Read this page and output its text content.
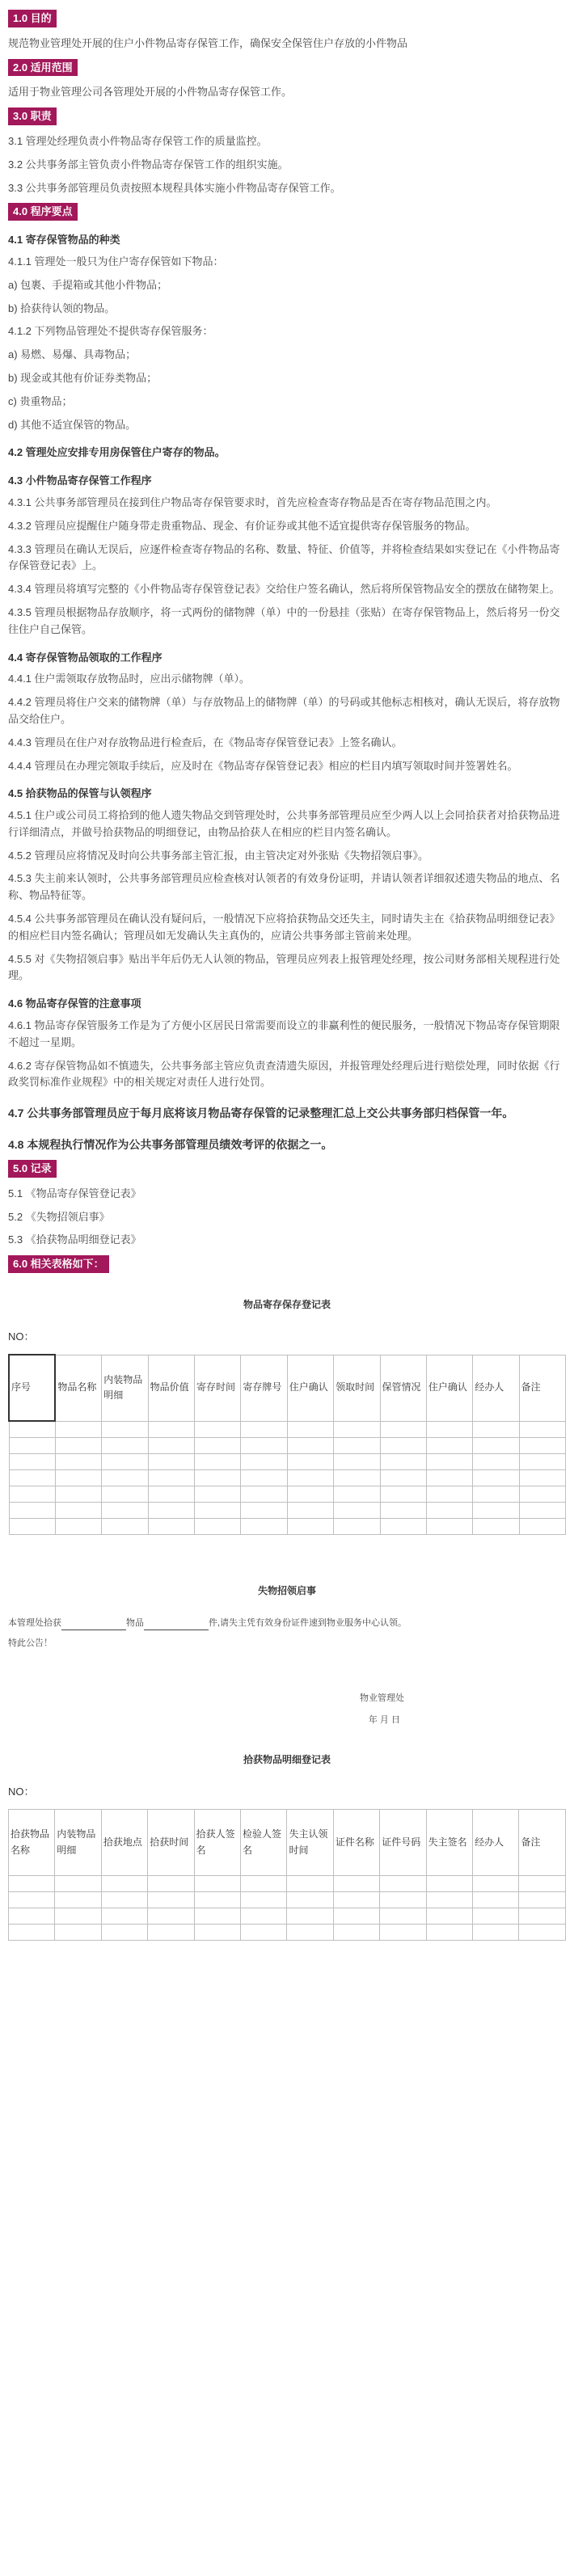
1.0 目的

规范物业管理处开展的住户小件物品寄存保管工作，确保安全保管住户存放的小件物品

2.0 适用范围

适用于物业管理公司各管理处开展的小件物品寄存保管工作。

3.0 职责

3.1 管理处经理负责小件物品寄存保管工作的质量监控。

3.2 公共事务部主管负责小件物品寄存保管工作的组织实施。

3.3 公共事务部管理员负责按照本规程具体实施小件物品寄存保管工作。

4.0 程序要点
4.1 寄存保管物品的种类

4.1.1 管理处一般只为住户寄存保管如下物品：

a) 包裹、手提箱或其他小件物品；

b) 拾获待认领的物品。

4.1.2 下列物品管理处不提供寄存保管服务：

a) 易燃、易爆、具毒物品；

b) 现金或其他有价证券类物品；

c) 贵重物品；

d) 其他不适宜保管的物品。

4.2 管理处应安排专用房保管住户寄存的物品。
4.3 小件物品寄存保管工作程序

4.3.1 公共事务部管理员在接到住户物品寄存保管要求时，首先应检查寄存物品是否在寄存物品范围之内。

4.3.2 管理员应提醒住户随身带走贵重物品、现金、有价证券或其他不适宜提供寄存保管服务的物品。

4.3.3 管理员在确认无误后，应逐件检查寄存物品的名称、数量、特征、价值等，并将检查结果如实登记在《小件物品寄存保管登记表》上。

4.3.4 管理员将填写完整的《小件物品寄存保管登记表》交给住户签名确认，然后将所保管物品安全的摆放在储物架上。

4.3.5 管理员根据物品存放顺序，将一式两份的储物牌（单）中的一份悬挂（张贴）在寄存保管物品上，然后将另一份交往住户自己保管。

4.4 寄存保管物品领取的工作程序

4.4.1 住户需领取存放物品时，应出示储物牌（单）。

4.4.2 管理员将住户交来的储物牌（单）与存放物品上的储物牌（单）的号码或其他标志相核对，确认无误后，将存放物品交给住户。

4.4.3 管理员在住户对存放物品进行检查后，在《物品寄存保管登记表》上签名确认。

4.4.4 管理员在办理完领取手续后，应及时在《物品寄存保管登记表》相应的栏目内填写领取时间并签署姓名。

4.5 拾获物品的保管与认领程序

4.5.1 住户或公司员工将拾到的他人遗失物品交到管理处时，公共事务部管理员应至少两人以上会同拾获者对拾获物品进行详细清点，并做号拾获物品的明细登记，由物品拾获人在相应的栏目内签名确认。

4.5.2 管理员应将情况及时向公共事务部主管汇报，由主管决定对外张贴《失物招领启事》。

4.5.3 失主前来认领时，公共事务部管理员应检查核对认领者的有效身份证明，并请认领者详细叙述遗失物品的地点、名称、物品特征等。

4.5.4 公共事务部管理员在确认没有疑问后，一般情况下应将拾获物品交还失主，同时请失主在《拾获物品明细登记表》的相应栏目内签名确认；管理员如无发确认失主真伪的，应请公共事务部主管前来处理。

4.5.5 对《失物招领启事》贴出半年后仍无人认领的物品，管理员应列表上报管理处经理，按公司财务部相关规程进行处理。

4.6 物品寄存保管的注意事项

4.6.1 物品寄存保管服务工作是为了方便小区居民日常需要而设立的非赢利性的便民服务，一般情况下物品寄存保管期限不超过一星期。

4.6.2 寄存保管物品如不慎遗失，公共事务部主管应负责查清遗失原因，并报管理处经理后进行赔偿处理，同时依据《行政奖罚标准作业规程》中的相关规定对责任人进行处罚。

4.7 公共事务部管理员应于每月底将该月物品寄存保管的记录整理汇总上交公共事务部归档保管一年。
4.8 本规程执行情况作为公共事务部管理员绩效考评的依据之一。
5.0 记录

5.1 《物品寄存保管登记表》

5.2 《失物招领启事》

5.3 《拾获物品明细登记表》

6.0 相关表格如下：
物品寄存保存登记表
NO：
序号	物品名称	内装物品明细	物品价值	寄存时间	寄存牌号	住户确认	领取时间	保管情况	住户确认	经办人	备注

失物招领启事
本管理处拾获	物品	件,请失主凭有效身份证件速到物业服务中心认领。
特此公告！
物业管理处
年 月 日
拾获物品明细登记表
NO：
拾获物品名称	内装物品明细	拾获地点	拾获时间	拾获人签名	检验人签名	失主认领时间	证件名称	证件号码	失主签名	经办人	备注
